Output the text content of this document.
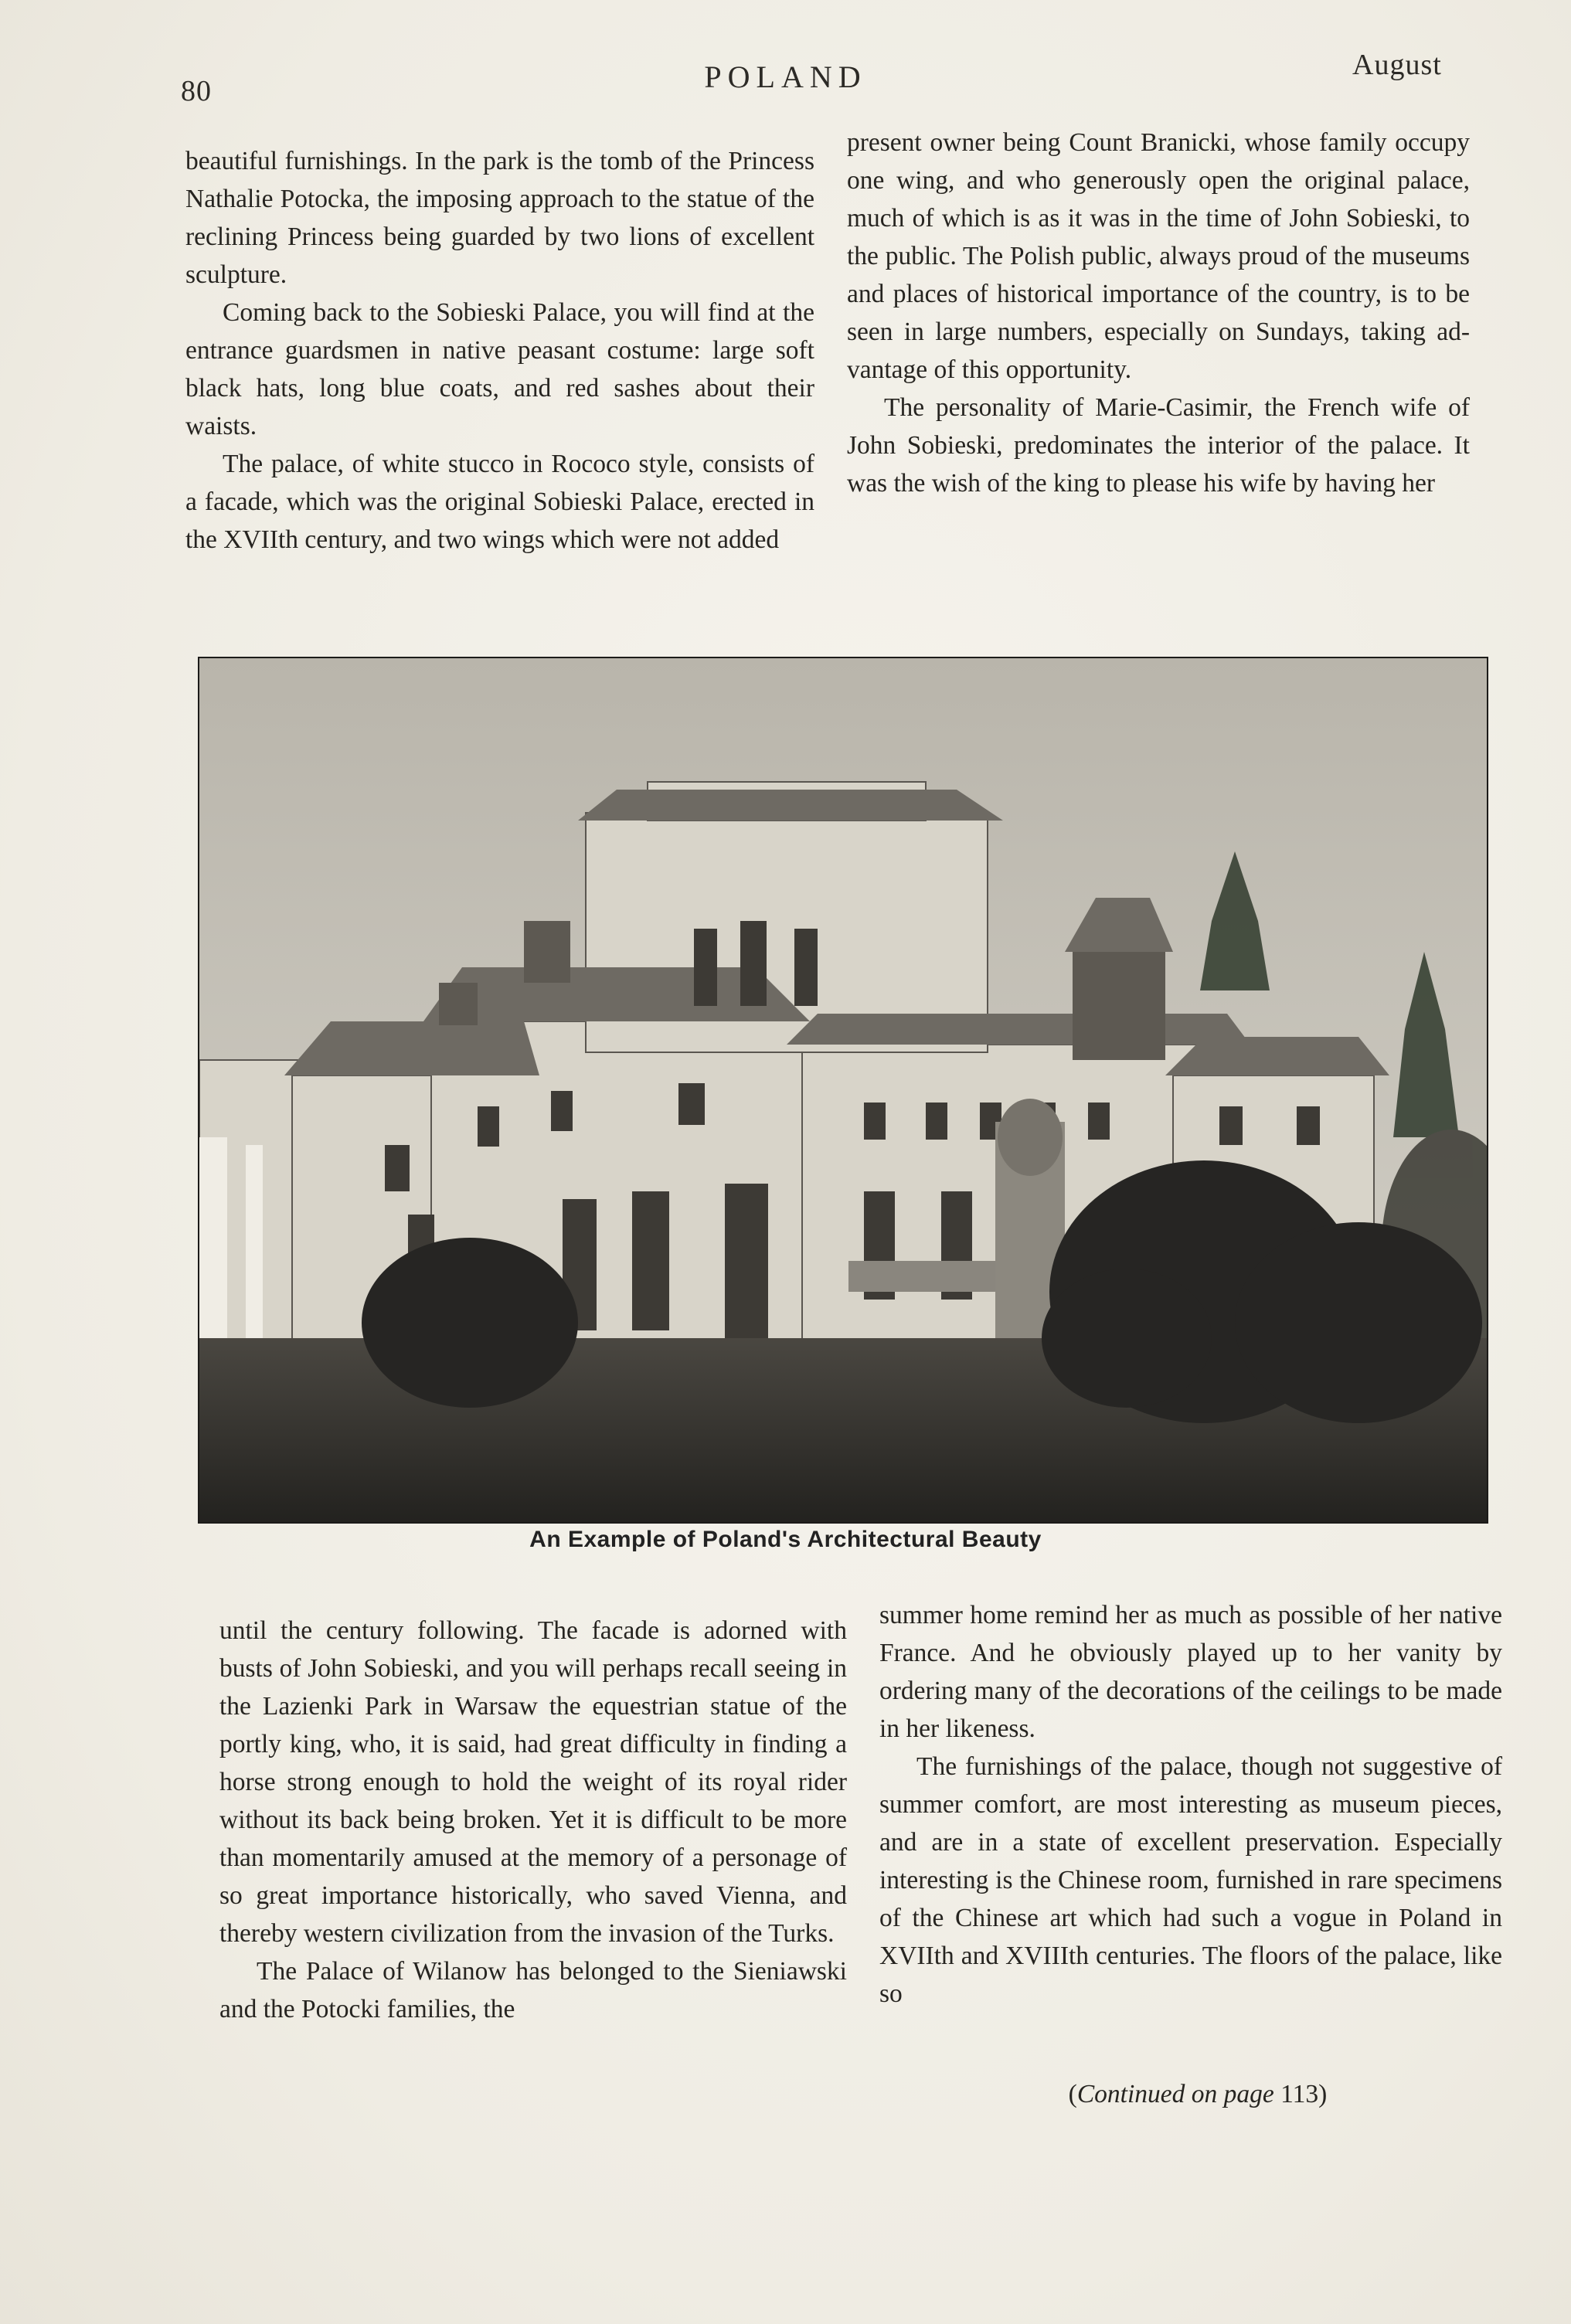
80	POLAND	August

beautiful furnishings. In the park is the tomb of the Princess Nathalie Potocka, the imposing approach to the statue of the reclining Princess being guarded by two lions of excellent sculpture.

Coming back to the Sobieski Palace, you will find at the entrance guardsmen in native peasant costume: large soft black hats, long blue coats, and red sashes about their waists.

The palace, of white stucco in Rococo style, consists of a facade, which was the original Sobieski Palace, erected in the XVIIth century, and two wings which were not added

present owner being Count Branicki, whose family occupy one wing, and who generously open the original palace, much of which is as it was in the time of John Sobieski, to the public. The Polish public, always proud of the museums and places of historical importance of the country, is to be seen in large numbers, especially on Sundays, taking advantage of this opportunity.

The personality of Marie-Casimir, the French wife of John Sobieski, predominates the interior of the palace. It was the wish of the king to please his wife by having her

An Example of Poland's Architectural Beauty

until the century following. The facade is adorned with busts of John Sobieski, and you will perhaps recall seeing in the Lazienki Park in Warsaw the equestrian statue of the portly king, who, it is said, had great difficulty in finding a horse strong enough to hold the weight of its royal rider without its back being broken. Yet it is difficult to be more than momentarily amused at the memory of a personage of so great importance historically, who saved Vienna, and thereby western civilization from the invasion of the Turks.

The Palace of Wilanow has belonged to the Sieniawski and the Potocki families, the

summer home remind her as much as possible of her native France. And he obviously played up to her vanity by ordering many of the decorations of the ceilings to be made in her likeness.

The furnishings of the palace, though not suggestive of summer comfort, are most interesting as museum pieces, and are in a state of excellent preservation. Especially interesting is the Chinese room, furnished in rare specimens of the Chinese art which had such a vogue in Poland in XVIIth and XVIIIth centuries. The floors of the palace, like so

(Continued on page 113)
